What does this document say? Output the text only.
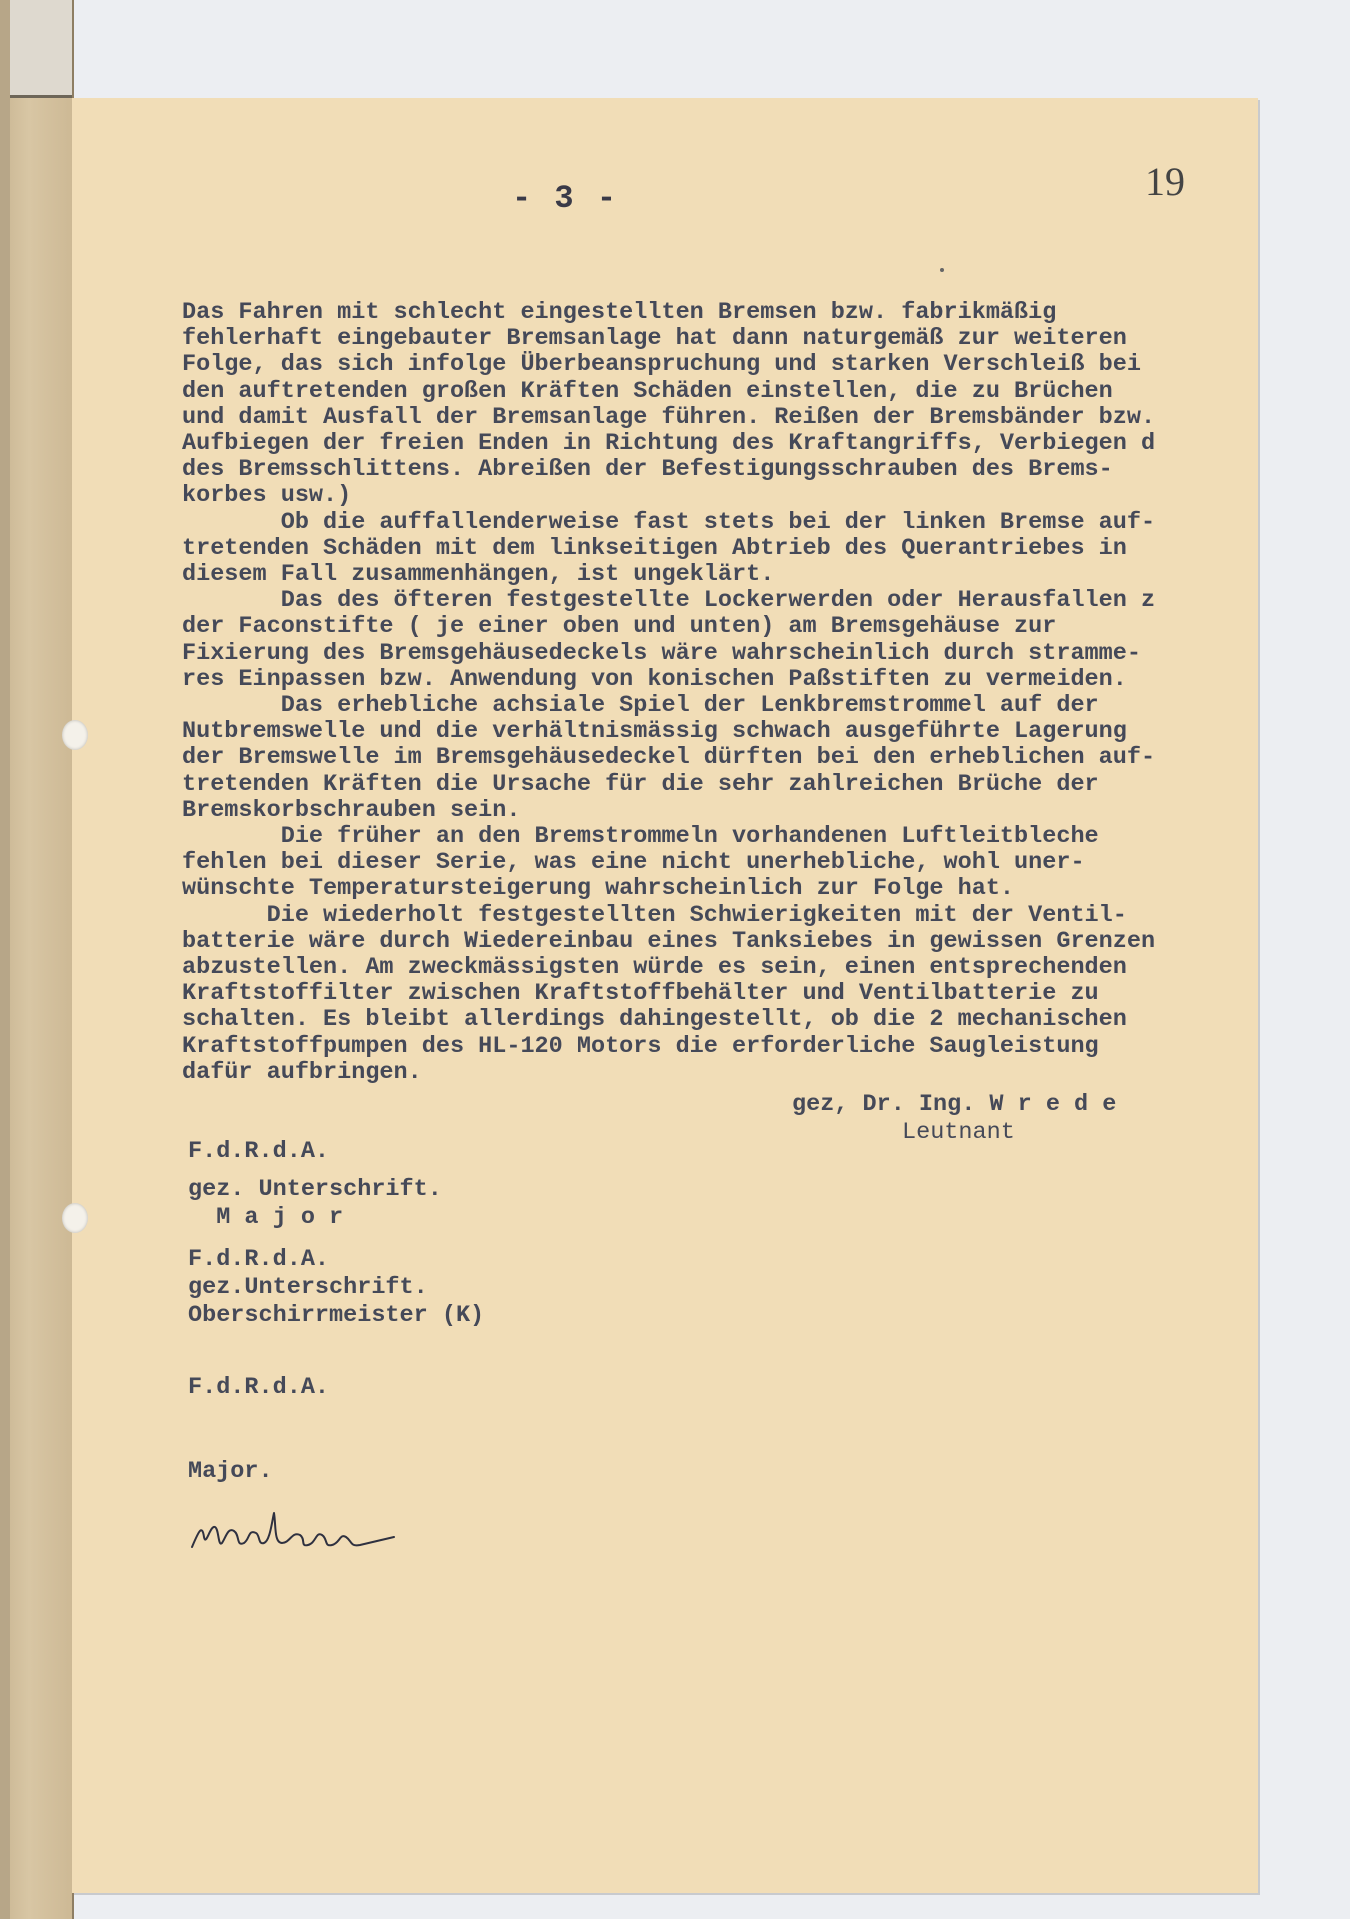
- 3 -	19
Das Fahren mit schlecht eingestellten Bremsen bzw. fabrikmäßig
fehlerhaft eingebauter Bremsanlage hat dann naturgemäß zur weiteren
Folge, das sich infolge Überbeanspruchung und starken Verschleiß bei
den auftretenden großen Kräften Schäden einstellen, die zu Brüchen
und damit Ausfall der Bremsanlage führen. Reißen der Bremsbänder bzw.
Aufbiegen der freien Enden in Richtung des Kraftangriffs, Verbiegen d
des Bremsschlittens. Abreißen der Befestigungsschrauben des Brems-
korbes usw.)
Ob die auffallenderweise fast stets bei der linken Bremse auf-
tretenden Schäden mit dem linkseitigen Abtrieb des Querantriebes in
diesem Fall zusammenhängen, ist ungeklärt.
Das des öfteren festgestellte Lockerwerden oder Herausfallen z
der Faconstifte ( je einer oben und unten) am Bremsgehäuse zur
Fixierung des Bremsgehäusedeckels wäre wahrscheinlich durch stramme-
res Einpassen bzw. Anwendung von konischen Paßstiften zu vermeiden.
Das erhebliche achsiale Spiel der Lenkbremstrommel auf der
Nutbremswelle und die verhältnismässig schwach ausgeführte Lagerung
der Bremswelle im Bremsgehäusedeckel dürften bei den erheblichen auf-
tretenden Kräften die Ursache für die sehr zahlreichen Brüche der
Bremskorbschrauben sein.
Die früher an den Bremstrommeln vorhandenen Luftleitbleche
fehlen bei dieser Serie, was eine nicht unerhebliche, wohl uner-
wünschte Temperatursteigerung wahrscheinlich zur Folge hat.
Die wiederholt festgestellten Schwierigkeiten mit der Ventil-
batterie wäre durch Wiedereinbau eines Tanksiebes in gewissen Grenzen
abzustellen. Am zweckmässigsten würde es sein, einen entsprechenden
Kraftstoffilter zwischen Kraftstoffbehälter und Ventilbatterie zu
schalten. Es bleibt allerdings dahingestellt, ob die 2 mechanischen
Kraftstoffpumpen des HL-120 Motors die erforderliche Saugleistung
dafür aufbringen.
gez, Dr. Ing. W r e d e
Leutnant
F.d.R.d.A.
gez. Unterschrift.
M a j o r
F.d.R.d.A.
gez.Unterschrift.
Oberschirrmeister (K)
F.d.R.d.A.
MacLean
Major.
